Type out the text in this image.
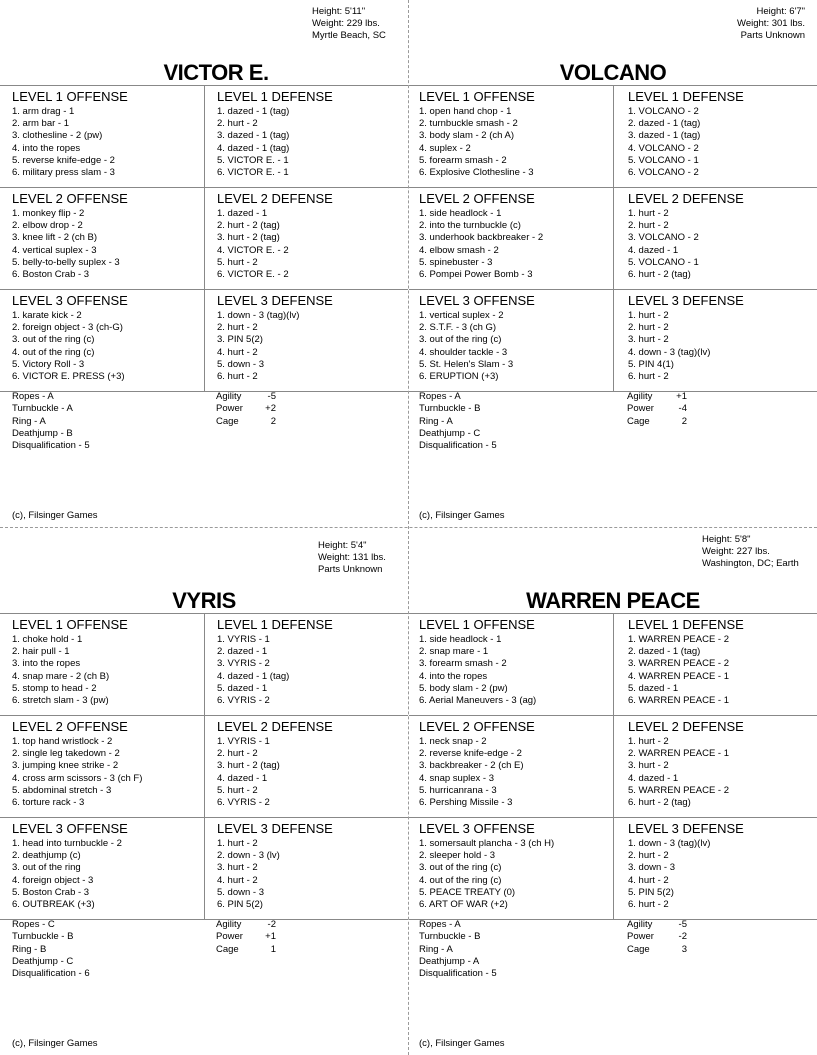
Height: 5'11"
Weight: 229 lbs.
Myrtle Beach, SC
VICTOR E.
LEVEL 1 OFFENSE
1. arm drag - 1
2. arm bar - 1
3. clothesline - 2 (pw)
4. into the ropes
5. reverse knife-edge - 2
6. military press slam - 3
LEVEL 1 DEFENSE
1. dazed - 1 (tag)
2. hurt - 2
3. dazed - 1 (tag)
4. dazed - 1 (tag)
5. VICTOR E. - 1
6. VICTOR E. - 1
LEVEL 2 OFFENSE
1. monkey flip - 2
2. elbow drop - 2
3. knee lift - 2 (ch B)
4. vertical suplex - 3
5. belly-to-belly suplex - 3
6. Boston Crab - 3
LEVEL 2 DEFENSE
1. dazed - 1
2. hurt - 2 (tag)
3. hurt - 2 (tag)
4. VICTOR E. - 2
5. hurt - 2
6. VICTOR E. - 2
LEVEL 3 OFFENSE
1. karate kick - 2
2. foreign object - 3 (ch-G)
3. out of the ring (c)
4. out of the ring (c)
5. Victory Roll - 3
6. VICTOR E. PRESS (+3)
LEVEL 3 DEFENSE
1. down - 3 (tag)(lv)
2. hurt - 2
3. PIN 5(2)
4. hurt - 2
5. down - 3
6. hurt - 2
Ropes - A
Turnbuckle - A
Ring - A
Deathjump - B
Disqualification - 5
Agility	-5
Power	+2
Cage	2
(c), Filsinger Games
Height: 6'7"
Weight: 301 lbs.
Parts Unknown
VOLCANO
LEVEL 1 OFFENSE
1. open hand chop - 1
2. turnbuckle smash - 2
3. body slam - 2 (ch A)
4. suplex - 2
5. forearm smash - 2
6. Explosive Clothesline - 3
LEVEL 1 DEFENSE
1. VOLCANO - 2
2. dazed - 1 (tag)
3. dazed - 1 (tag)
4. VOLCANO - 2
5. VOLCANO - 1
6. VOLCANO - 2
LEVEL 2 OFFENSE
1. side headlock - 1
2. into the turnbuckle (c)
3. underhook backbreaker - 2
4. elbow smash - 2
5. spinebuster - 3
6. Pompei Power Bomb - 3
LEVEL 2 DEFENSE
1. hurt - 2
2. hurt - 2
3. VOLCANO - 2
4. dazed - 1
5. VOLCANO - 1
6. hurt - 2 (tag)
LEVEL 3 OFFENSE
1. vertical suplex - 2
2. S.T.F. - 3 (ch G)
3. out of the ring (c)
4. shoulder tackle - 3
5. St. Helen's Slam - 3
6. ERUPTION (+3)
LEVEL 3 DEFENSE
1. hurt - 2
2. hurt - 2
3. hurt - 2
4. down - 3 (tag)(lv)
5. PIN 4(1)
6. hurt - 2
Ropes - A
Turnbuckle - B
Ring - A
Deathjump - C
Disqualification - 5
Agility	+1
Power	-4
Cage	2
(c), Filsinger Games
Height: 5'4"
Weight: 131 lbs.
Parts Unknown
VYRIS
LEVEL 1 OFFENSE
1. choke hold - 1
2. hair pull - 1
3. into the ropes
4. snap mare - 2 (ch B)
5. stomp to head - 2
6. stretch slam - 3 (pw)
LEVEL 1 DEFENSE
1. VYRIS - 1
2. dazed - 1
3. VYRIS - 2
4. dazed - 1 (tag)
5. dazed - 1
6. VYRIS - 2
LEVEL 2 OFFENSE
1. top hand wristlock - 2
2. single leg takedown - 2
3. jumping knee strike - 2
4. cross arm scissors - 3 (ch F)
5. abdominal stretch - 3
6. torture rack - 3
LEVEL 2 DEFENSE
1. VYRIS - 1
2. hurt - 2
3. hurt - 2 (tag)
4. dazed - 1
5. hurt - 2
6. VYRIS - 2
LEVEL 3 OFFENSE
1. head into turnbuckle - 2
2. deathjump (c)
3. out of the ring
4. foreign object - 3
5. Boston Crab - 3
6. OUTBREAK (+3)
LEVEL 3 DEFENSE
1. hurt - 2
2. down - 3 (lv)
3. hurt - 2
4. hurt - 2
5. down - 3
6. PIN 5(2)
Ropes - C
Turnbuckle - B
Ring - B
Deathjump - C
Disqualification - 6
Agility	-2
Power	+1
Cage	1
(c), Filsinger Games
Height: 5'8"
Weight: 227 lbs.
Washington, DC; Earth
WARREN PEACE
LEVEL 1 OFFENSE
1. side headlock - 1
2. snap mare - 1
3. forearm smash - 2
4. into the ropes
5. body slam - 2 (pw)
6. Aerial Maneuvers - 3 (ag)
LEVEL 1 DEFENSE
1. WARREN PEACE - 2
2. dazed - 1 (tag)
3. WARREN PEACE - 2
4. WARREN PEACE - 1
5. dazed - 1
6. WARREN PEACE - 1
LEVEL 2 OFFENSE
1. neck snap - 2
2. reverse knife-edge - 2
3. backbreaker - 2 (ch E)
4. snap suplex - 3
5. hurricanrana - 3
6. Pershing Missile - 3
LEVEL 2 DEFENSE
1. hurt - 2
2. WARREN PEACE - 1
3. hurt - 2
4. dazed - 1
5. WARREN PEACE - 2
6. hurt - 2 (tag)
LEVEL 3 OFFENSE
1. somersault plancha - 3 (ch H)
2. sleeper hold - 3
3. out of the ring (c)
4. out of the ring (c)
5. PEACE TREATY (0)
6. ART OF WAR (+2)
LEVEL 3 DEFENSE
1. down - 3 (tag)(lv)
2. hurt - 2
3. down - 3
4. hurt - 2
5. PIN 5(2)
6. hurt - 2
Ropes - A
Turnbuckle - B
Ring - A
Deathjump - A
Disqualification - 5
Agility	-5
Power	-2
Cage	3
(c), Filsinger Games
